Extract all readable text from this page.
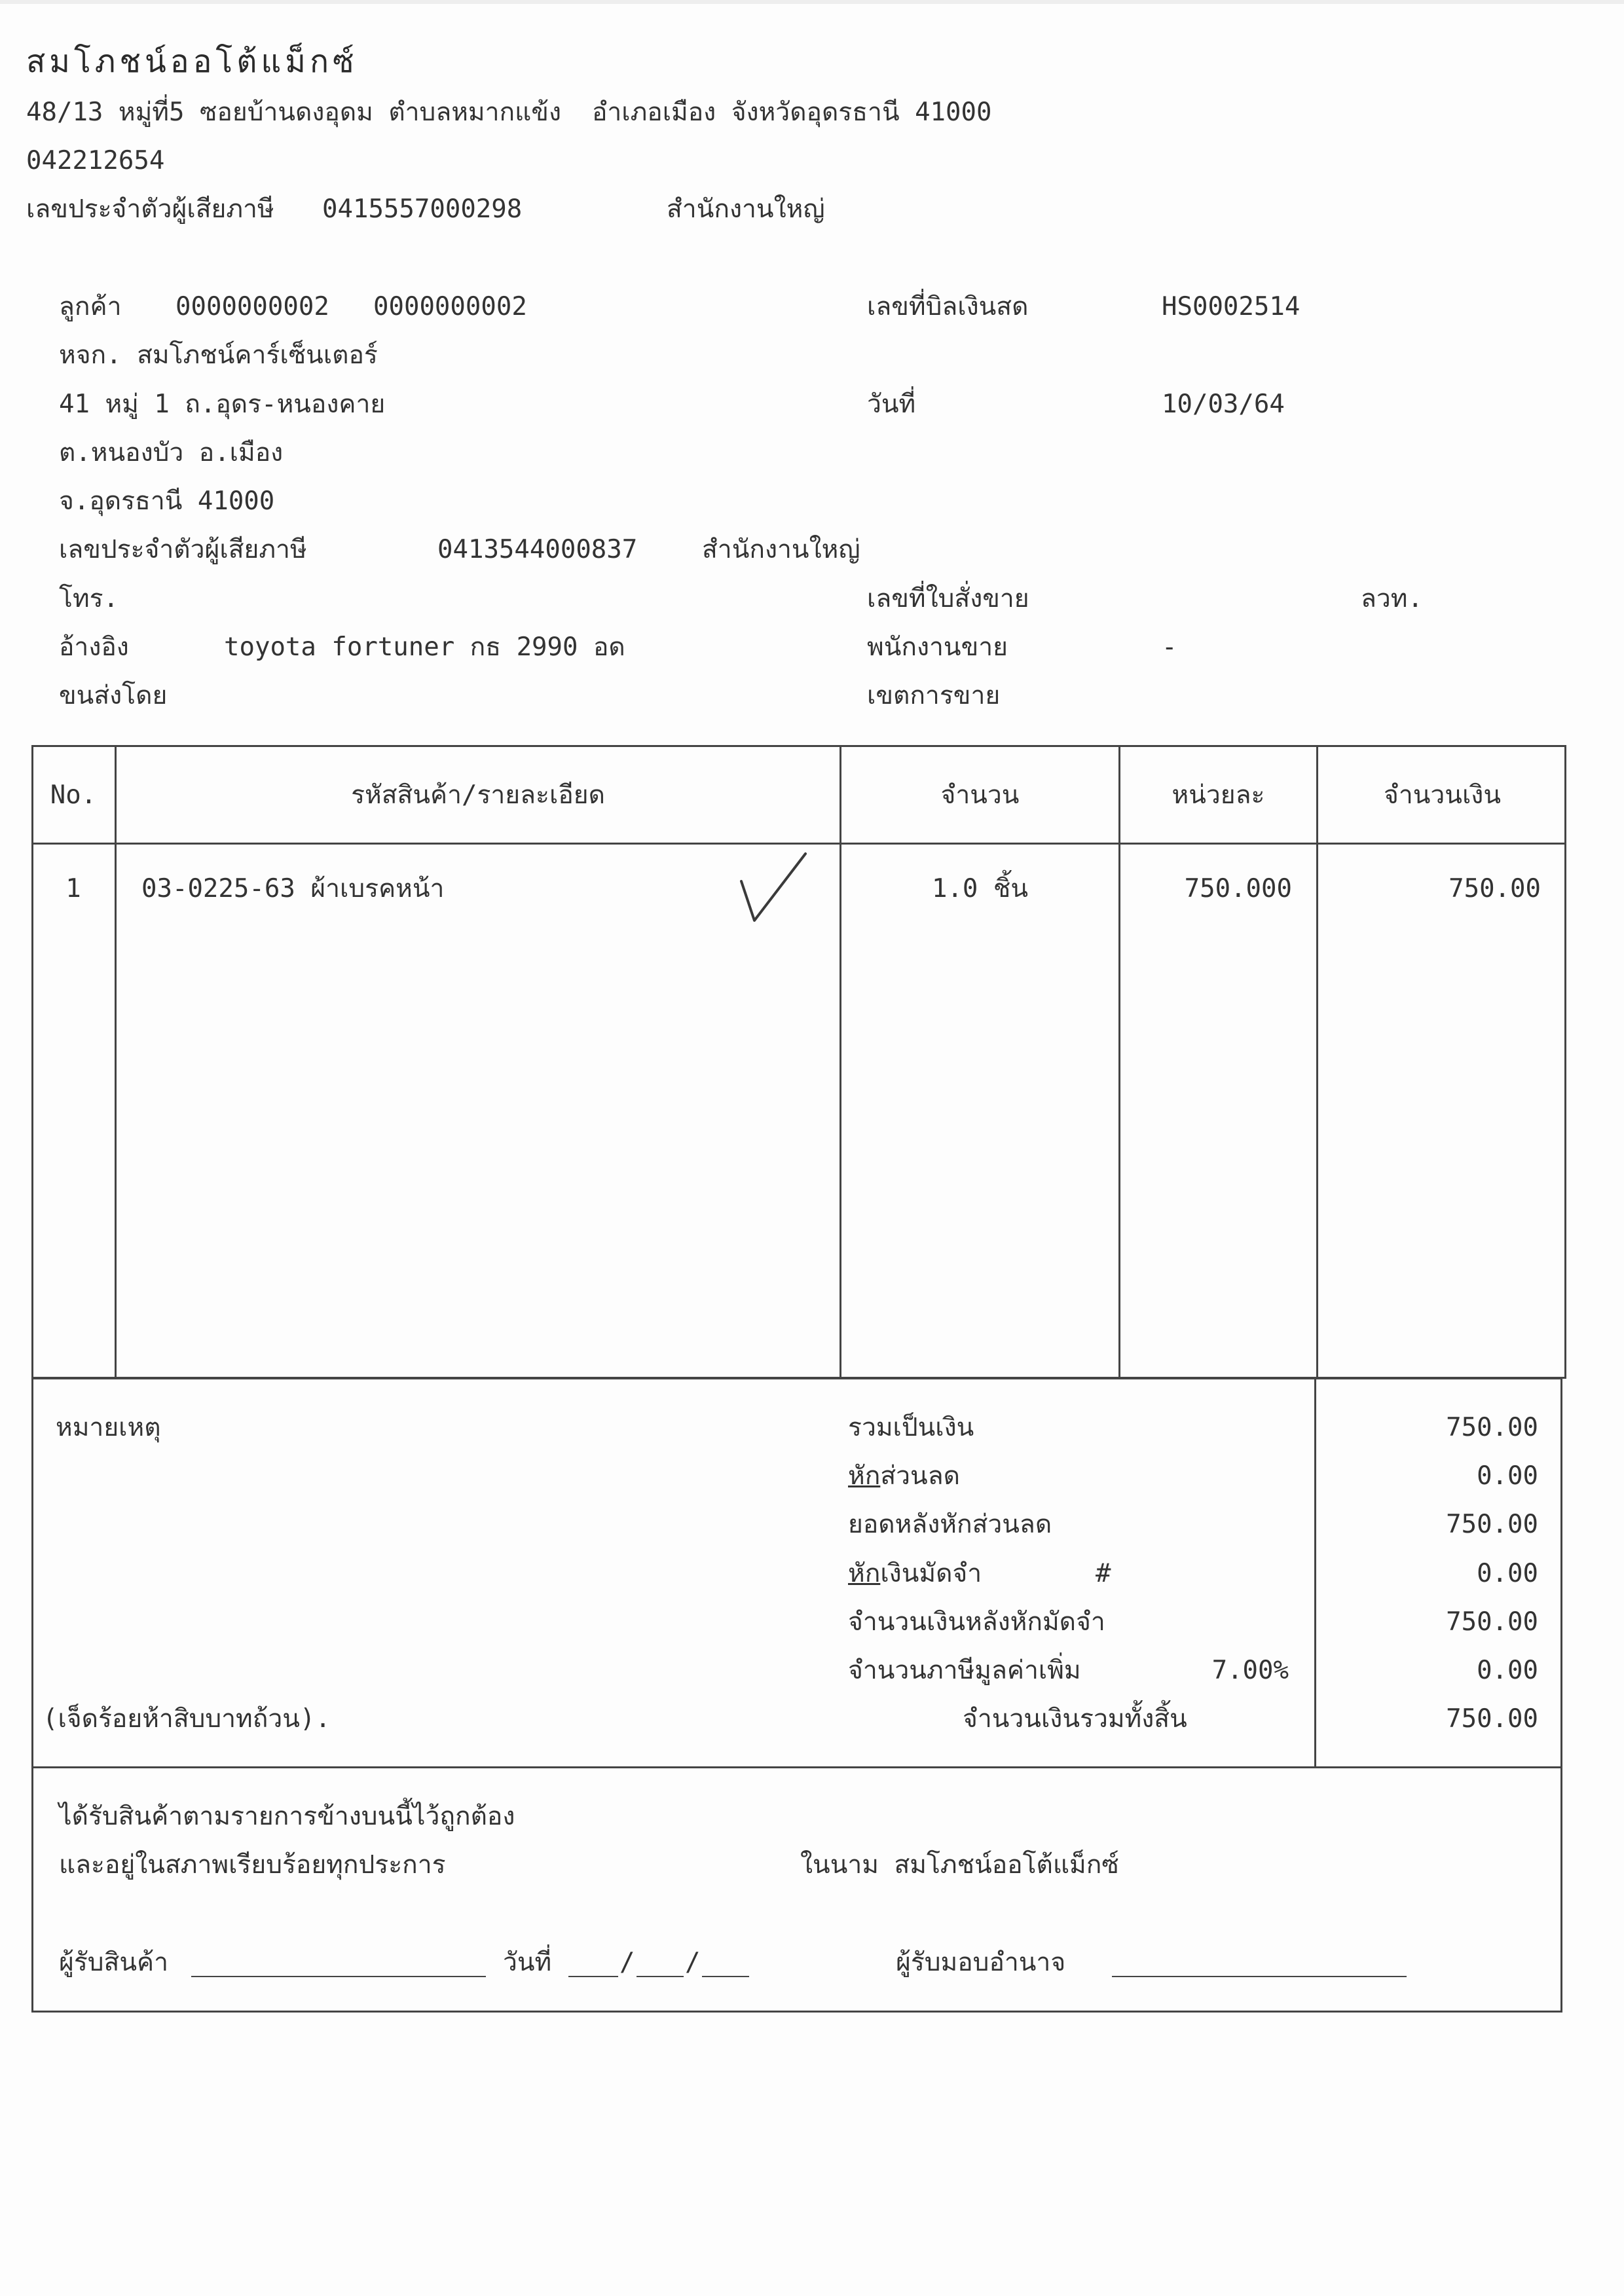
สมโภชน์ออโต้แม็กซ์
48/13 หมู่ที่5 ซอยบ้านดงอุดม ตำบลหมากแข้ง  อำเภอเมือง จังหวัดอุดรธานี 41000
042212654
เลขประจำตัวผู้เสียภาษี 0415557000298	สำนักงานใหญ่
ลูกค้า 0000000002 0000000002
หจก. สมโภชน์คาร์เซ็นเตอร์
41 หมู่ 1 ถ.อุดร-หนองคาย
ต.หนองบัว อ.เมือง
จ.อุดรธานี 41000
เลขประจำตัวผู้เสียภาษี	0413544000837	สำนักงานใหญ่
โทร.
อ้างอิง	toyota fortuner กธ 2990 อด
ขนส่งโดย
เลขที่บิลเงินสด	HS0002514
วันที่	10/03/64
เลขที่ใบสั่งขาย	ลวท.
พนักงานขาย	-
เขตการขาย
No.	รหัสสินค้า/รายละเอียด	จำนวน	หน่วยละ	จำนวนเงิน
1	03-0225-63 ผ้าเบรคหน้า	1.0 ชิ้น	750.000	750.00
หมายเหตุ
(เจ็ดร้อยห้าสิบบาทถ้วน).
รวมเป็นเงิน	750.00
หักส่วนลด	0.00
ยอดหลังหักส่วนลด	750.00
หักเงินมัดจำ	#	0.00
จำนวนเงินหลังหักมัดจำ	750.00
จำนวนภาษีมูลค่าเพิ่ม	7.00%	0.00
จำนวนเงินรวมทั้งสิ้น	750.00
ได้รับสินค้าตามรายการข้างบนนี้ไว้ถูกต้อง
และอยู่ในสภาพเรียบร้อยทุกประการ	ในนาม สมโภชน์ออโต้แม็กซ์
ผู้รับสินค้า	วันที่	/ /	ผู้รับมอบอำนาจ
